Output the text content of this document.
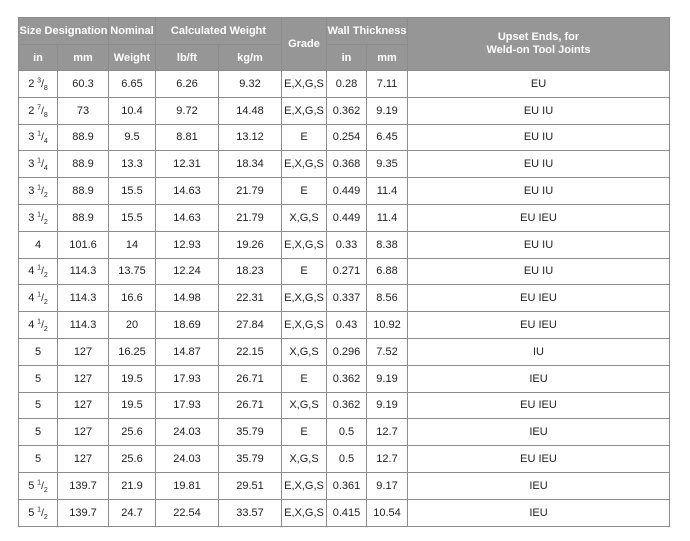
Size Designation		Nominal	Calculated Weight		Grade	Wall Thickness		Upset Ends, for
Weld-on Tool Joints

in	mm	Weight	lb/ft	kg/m		in	mm	
2 $^3/_8$	60.3	6.65	6.26	9.32	E,X,G,S	0.28	7.11	EU
2 $^7/_8$	73	10.4	9.72	14.48	E,X,G,S	0.362	9.19	EU IU
3 $^1/_4$	88.9	9.5	8.81	13.12	E	0.254	6.45	EU IU
3 $^1/_4$	88.9	13.3	12.31	18.34	E,X,G,S	0.368	9.35	EU IU
3 $^1/_2$	88.9	15.5	14.63	21.79	E	0.449	11.4	EU IU
3 $^1/_2$	88.9	15.5	14.63	21.79	X,G,S	0.449	11.4	EU IEU
4	101.6	14	12.93	19.26	E,X,G,S	0.33	8.38	EU IU
4 $^1/_2$	114.3	13.75	12.24	18.23	E	0.271	6.88	EU IU
4 $^1/_2$	114.3	16.6	14.98	22.31	E,X,G,S	0.337	8.56	EU IEU
4 $^1/_2$	114.3	20	18.69	27.84	E,X,G,S	0.43	10.92	EU IEU
5	127	16.25	14.87	22.15	X,G,S	0.296	7.52	IU
5	127	19.5	17.93	26.71	E	0.362	9.19	IEU
5	127	19.5	17.93	26.71	X,G,S	0.362	9.19	EU IEU
5	127	25.6	24.03	35.79	E	0.5	12.7	IEU
5	127	25.6	24.03	35.79	X,G,S	0.5	12.7	EU IEU
5 $^1/_2$	139.7	21.9	19.81	29.51	E,X,G,S	0.361	9.17	IEU
5 $^1/_2$	139.7	24.7	22.54	33.57	E,X,G,S	0.415	10.54	IEU
